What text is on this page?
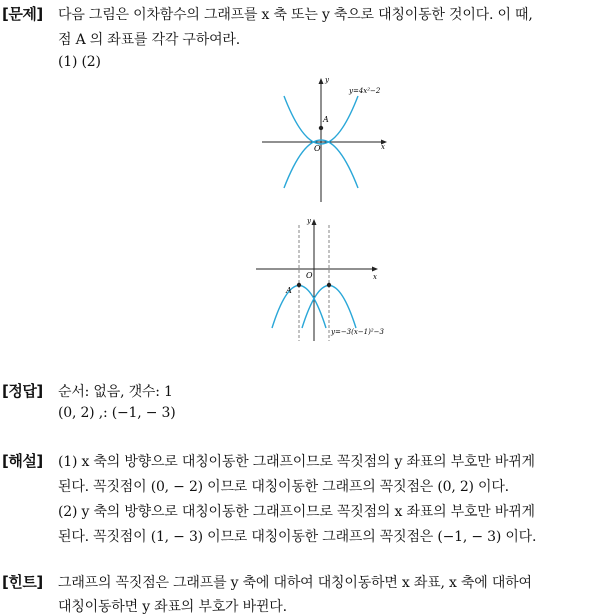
[문제] 다음 그림은 이차함수의 그래프를 x 축 또는 y 축으로 대칭이동한 것이다. 이 때,
점 A 의 좌표를 각각 구하여라.
(1) (2)
A
O
y
x
y=4x²−2
A
O
y
x
y=−3(x−1)²−3
[정답] 순서: 없음, 갯수: 1
(0, 2) ,: (−1, − 3)
[해설] (1) x 축의 방향으로 대칭이동한 그래프이므로 꼭짓점의 y 좌표의 부호만 바뀌게
된다. 꼭짓점이 (0, − 2) 이므로 대칭이동한 그래프의 꼭짓점은 (0, 2) 이다.
(2) y 축의 방향으로 대칭이동한 그래프이므로 꼭짓점의 x 좌표의 부호만 바뀌게
된다. 꼭짓점이 (1, − 3) 이므로 대칭이동한 그래프의 꼭짓점은 (−1, − 3) 이다.
[힌트] 그래프의 꼭짓점은 그래프를 y 축에 대하여 대칭이동하면 x 좌표, x 축에 대하여
대칭이동하면 y 좌표의 부호가 바뀐다.
